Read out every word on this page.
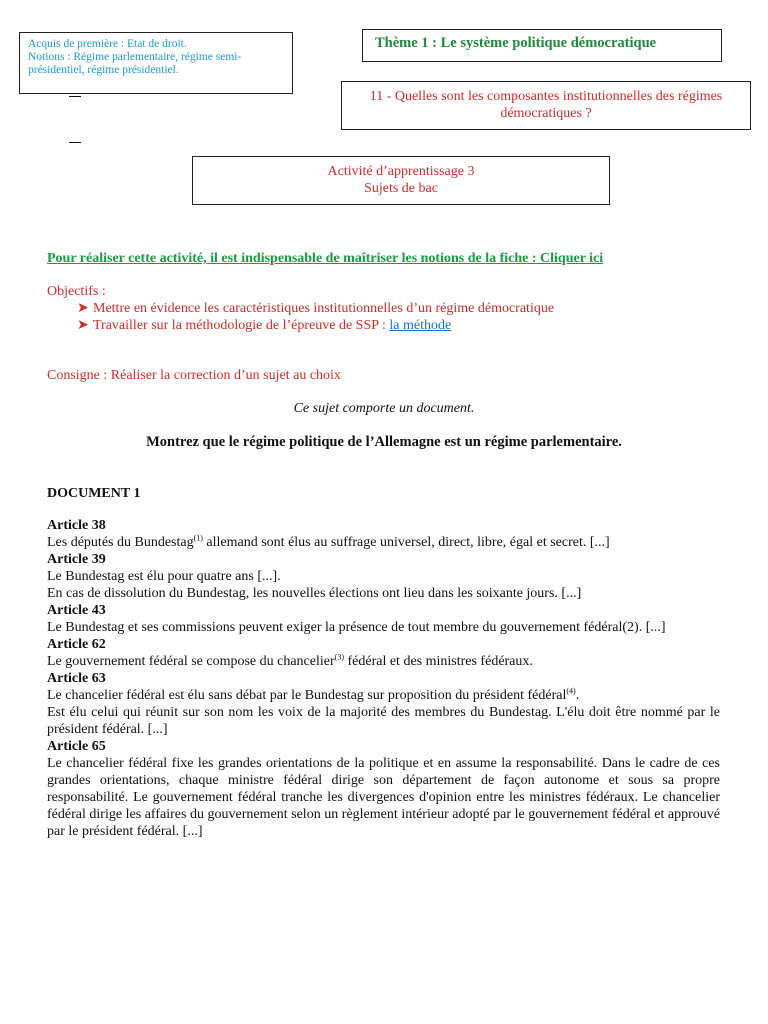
Acquis de première : Etat de droit.
Notions : Régime parlementaire, régime semi-présidentiel, régime présidentiel.
Thème 1 : Le système politique démocratique
11 - Quelles sont les composantes institutionnelles des régimes démocratiques ?
Activité d’apprentissage 3
Sujets de bac
Pour réaliser cette activité, il est indispensable de maîtriser les notions de la fiche : Cliquer ici
Objectifs :
➤ Mettre en évidence les caractéristiques institutionnelles d’un régime démocratique
➤ Travailler sur la méthodologie de l’épreuve de SSP : la méthode
Consigne : Réaliser la correction d’un sujet au choix
Ce sujet comporte un document.
Montrez que le régime politique de l’Allemagne est un régime parlementaire.
DOCUMENT 1
Article 38

Les députés du Bundestag$^{(1)}$ allemand sont élus au suffrage universel, direct, libre, égal et secret. [...]

Article 39

Le Bundestag est élu pour quatre ans [...].

En cas de dissolution du Bundestag, les nouvelles élections ont lieu dans les soixante jours. [...]

Article 43

Le Bundestag et ses commissions peuvent exiger la présence de tout membre du gouvernement fédéral(2). [...]

Article 62

Le gouvernement fédéral se compose du chancelier$^{(3)}$ fédéral et des ministres fédéraux.

Article 63

Le chancelier fédéral est élu sans débat par le Bundestag sur proposition du président fédéral$^{(4)}$.

Est élu celui qui réunit sur son nom les voix de la majorité des membres du Bundestag. L'élu doit être nommé par le président fédéral. [...]

Article 65

Le chancelier fédéral fixe les grandes orientations de la politique et en assume la responsabilité. Dans le cadre de ces grandes orientations, chaque ministre fédéral dirige son département de façon autonome et sous sa propre responsabilité. Le gouvernement fédéral tranche les divergences d'opinion entre les ministres fédéraux. Le chancelier fédéral dirige les affaires du gouvernement selon un règlement intérieur adopté par le gouvernement fédéral et approuvé par le président fédéral. [...]
